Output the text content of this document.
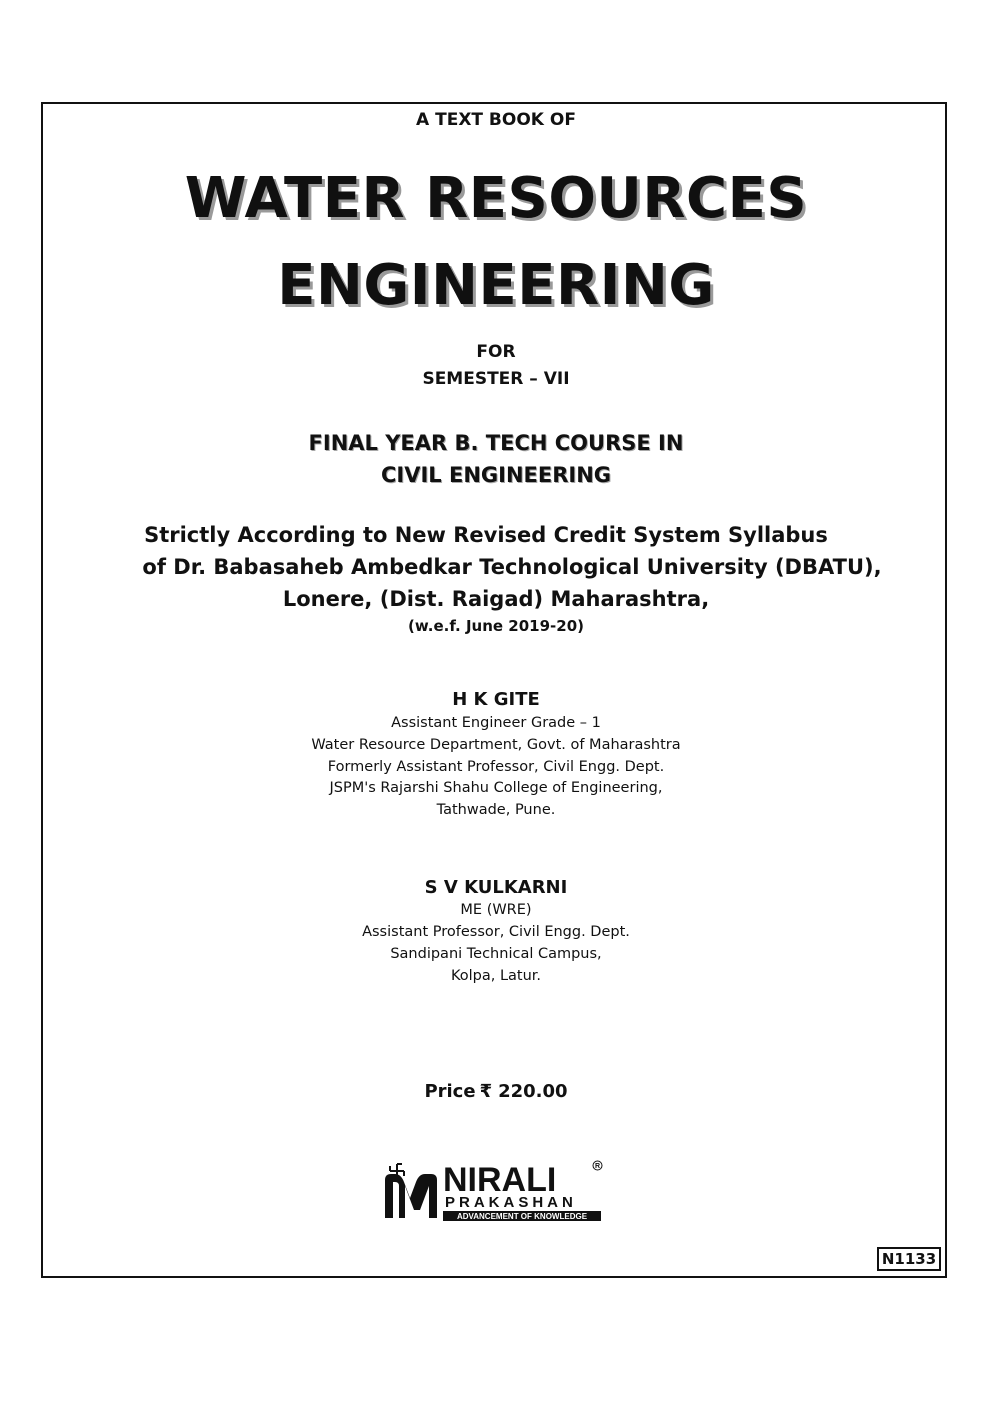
A TEXT BOOK OF
WATER RESOURCES
ENGINEERING
FOR
SEMESTER – VII
FINAL YEAR B. TECH COURSE IN
CIVIL ENGINEERING
Strictly According to New Revised Credit System Syllabus
of Dr. Babasaheb Ambedkar Technological University (DBATU),
Lonere, (Dist. Raigad) Maharashtra,
(w.e.f. June 2019-20)
H K GITE
Assistant Engineer Grade – 1
Water Resource Department, Govt. of Maharashtra
Formerly Assistant Professor, Civil Engg. Dept.
JSPM's Rajarshi Shahu College of Engineering,
Tathwade, Pune.
S V KULKARNI
ME (WRE)
Assistant Professor, Civil Engg. Dept.
Sandipani Technical Campus,
Kolpa, Latur.
Price ₹ 220.00
NIRALI	R
PRAKASHAN
ADVANCEMENT OF KNOWLEDGE
N1133
